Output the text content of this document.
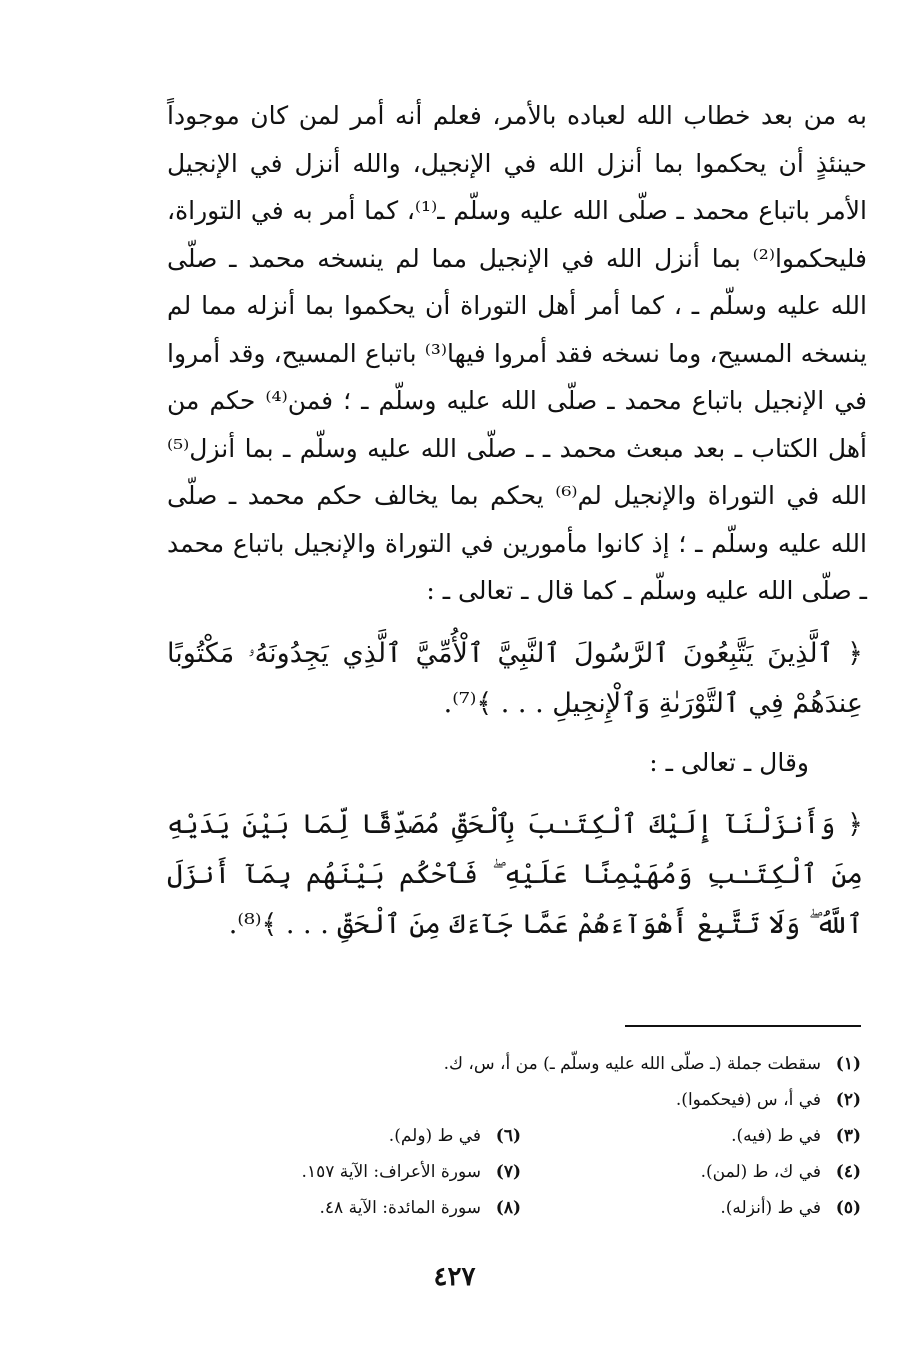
به من بعد خطاب الله لعباده بالأمر، فعلم أنه أمر لمن كان موجوداً حينئذٍ أن يحكموا بما أنزل الله في الإنجيل، والله أنزل في الإنجيل الأمر باتباع محمد ـ صلّى الله عليه وسلّم ـ⁽¹⁾، كما أمر به في التوراة، فليحكموا⁽²⁾ بما أنزل الله في الإنجيل مما لم ينسخه محمد ـ صلّى الله عليه وسلّم ـ ، كما أمر أهل التوراة أن يحكموا بما أنزله مما لم ينسخه المسيح، وما نسخه فقد أمروا فيها⁽³⁾ باتباع المسيح، وقد أمروا في الإنجيل باتباع محمد ـ صلّى الله عليه وسلّم ـ ؛ فمن⁽⁴⁾ حكم من أهل الكتاب ـ بعد مبعث محمد ـ ـ صلّى الله عليه وسلّم ـ بما أنزل⁽⁵⁾ الله في التوراة والإنجيل لم⁽⁶⁾ يحكم بما يخالف حكم محمد ـ صلّى الله عليه وسلّم ـ ؛ إذ كانوا مأمورين في التوراة والإنجيل باتباع محمد ـ صلّى الله عليه وسلّم ـ كما قال ـ تعالى ـ :

﴿ ٱلَّذِينَ يَتَّبِعُونَ ٱلرَّسُولَ ٱلنَّبِيَّ ٱلْأُمِّيَّ ٱلَّذِي يَجِدُونَهُۥ مَكْتُوبًا عِندَهُمْ فِي ٱلتَّوْرَىٰةِ وَٱلْإِنجِيلِ . . . ﴾⁽⁷⁾.

وقال ـ تعالى ـ :

﴿ وَأَنزَلْنَآ إِلَيْكَ ٱلْكِتَـٰبَ بِٱلْحَقِّ مُصَدِّقًا لِّمَا بَيْنَ يَدَيْهِ مِنَ ٱلْكِتَـٰبِ وَمُهَيْمِنًا عَلَيْهِ ۖ فَٱحْكُم بَيْنَهُم بِمَآ أَنزَلَ ٱللَّهُ ۖ وَلَا تَتَّبِعْ أَهْوَآءَهُمْ عَمَّا جَآءَكَ مِنَ ٱلْحَقِّ . . . ﴾⁽⁸⁾.

(١)
سقطت جملة (ـ صلّى الله عليه وسلّم ـ) من أ، س، ك.
(٢)
في أ، س (فيحكموا).
(٣)
في ط (فيه).
(٦)
في ط (ولم).
(٤)
في ك، ط (لمن).
(٧)
سورة الأعراف: الآية ١٥٧.
(٥)
في ط (أنزله).
(٨)
سورة المائدة: الآية ٤٨.
٤٢٧
